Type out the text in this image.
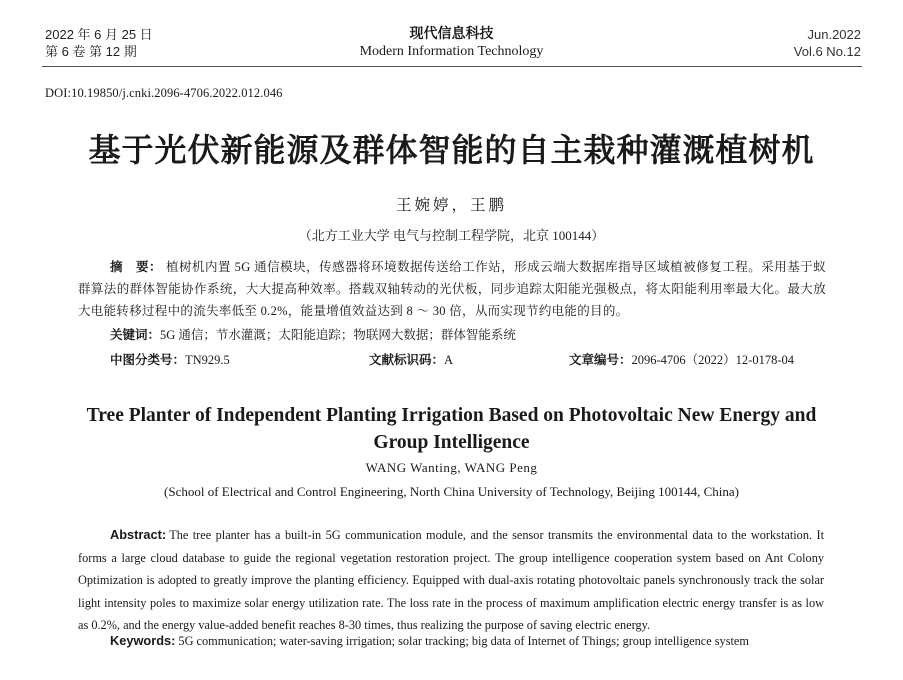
2022 年 6 月 25 日
第 6 卷 第 12 期
现代信息科技
Modern Information Technology
Jun.2022
Vol.6 No.12
DOI:10.19850/j.cnki.2096-4706.2022.012.046
基于光伏新能源及群体智能的自主栽种灌溉植树机
王婉婷，王鹏
（北方工业大学 电气与控制工程学院，北京 100144）
摘　要： 植树机内置 5G 通信模块，传感器将环境数据传送给工作站，形成云端大数据库指导区域植被修复工程。采用基于蚁群算法的群体智能协作系统，大大提高种效率。搭载双轴转动的光伏板，同步追踪太阳能光强极点，将太阳能利用率最大化。最大放大电能转移过程中的流失率低至 0.2%，能量增值效益达到 8 ～ 30 倍，从而实现节约电能的目的。
关键词：5G 通信；节水灌溉；太阳能追踪；物联网大数据；群体智能系统
中图分类号：TN929.5	文献标识码：A	文章编号：2096-4706（2022）12-0178-04
Tree Planter of Independent Planting Irrigation Based on Photovoltaic New Energy and Group Intelligence
WANG Wanting, WANG Peng
(School of Electrical and Control Engineering, North China University of Technology, Beijing 100144, China)
Abstract: The tree planter has a built-in 5G communication module, and the sensor transmits the environmental data to the workstation. It forms a large cloud database to guide the regional vegetation restoration project. The group intelligence cooperation system based on Ant Colony Optimization is adopted to greatly improve the planting efficiency. Equipped with dual-axis rotating photovoltaic panels synchronously track the solar light intensity poles to maximize solar energy utilization rate. The loss rate in the process of maximum amplification electric energy transfer is as low as 0.2%, and the energy value-added benefit reaches 8-30 times, thus realizing the purpose of saving electric energy.
Keywords: 5G communication; water-saving irrigation; solar tracking; big data of Internet of Things; group intelligence system
